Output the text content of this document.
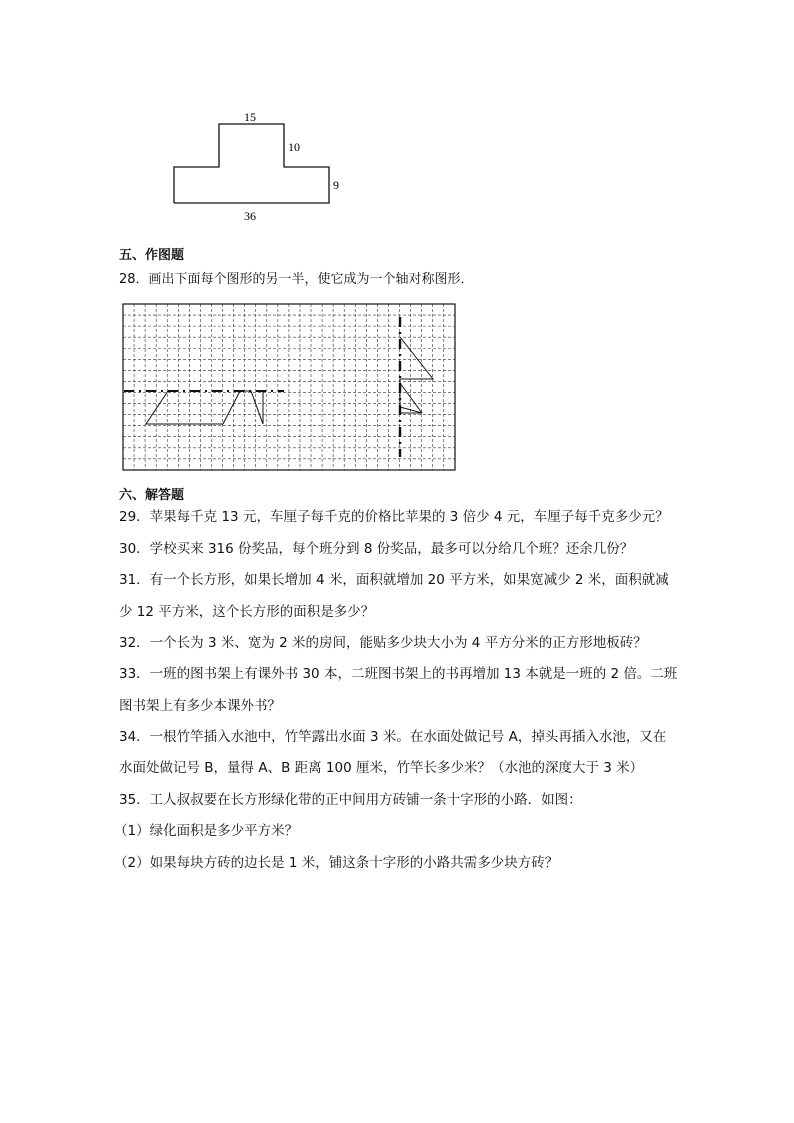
15
10
9
36
五、作图题
28．画出下面每个图形的另一半，使它成为一个轴对称图形．
六、解答题
29．苹果每千克 13 元，车厘子每千克的价格比苹果的 3 倍少 4 元，车厘子每千克多少元？
30．学校买来 316 份奖品，每个班分到 8 份奖品，最多可以分给几个班？还余几份？
31．有一个长方形，如果长增加 4 米，面积就增加 20 平方米，如果宽减少 2 米，面积就减
少 12 平方米，这个长方形的面积是多少？
32．一个长为 3 米、宽为 2 米的房间，能贴多少块大小为 4 平方分米的正方形地板砖？
33．一班的图书架上有课外书 30 本，二班图书架上的书再增加 13 本就是一班的 2 倍。二班
图书架上有多少本课外书？
34．一根竹竿插入水池中，竹竿露出水面 3 米。在水面处做记号 A，掉头再插入水池，又在
水面处做记号 B，量得 A、B 距离 100 厘米，竹竿长多少米？（水池的深度大于 3 米）
35．工人叔叔要在长方形绿化带的正中间用方砖铺一条十字形的小路．如图：
（1）绿化面积是多少平方米？
（2）如果每块方砖的边长是 1 米，铺这条十字形的小路共需多少块方砖？
